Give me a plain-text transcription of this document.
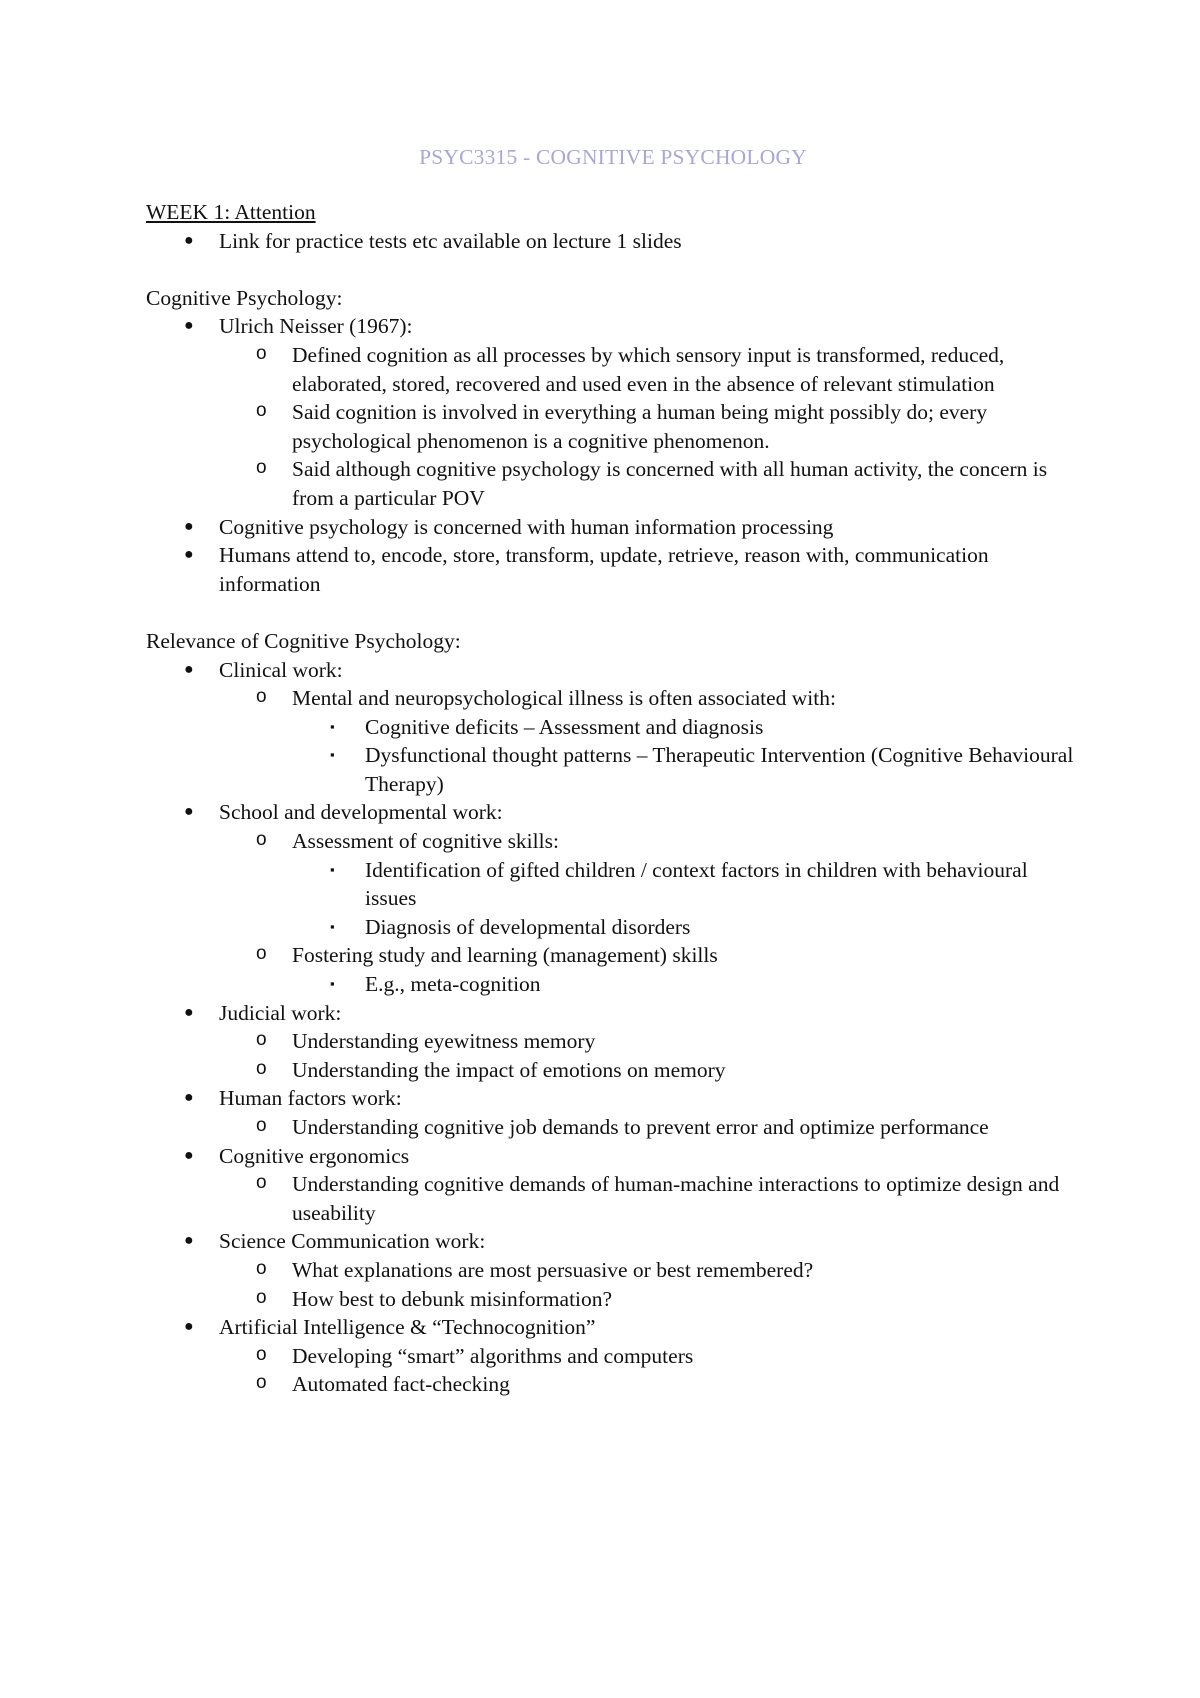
PSYC3315 - COGNITIVE PSYCHOLOGY
WEEK 1: Attention
● Link for practice tests etc available on lecture 1 slides
Cognitive Psychology:
● Ulrich Neisser (1967):
o Defined cognition as all processes by which sensory input is transformed, reduced, elaborated, stored, recovered and used even in the absence of relevant stimulation
o Said cognition is involved in everything a human being might possibly do; every psychological phenomenon is a cognitive phenomenon.
o Said although cognitive psychology is concerned with all human activity, the concern is from a particular POV
● Cognitive psychology is concerned with human information processing
● Humans attend to, encode, store, transform, update, retrieve, reason with, communication information
Relevance of Cognitive Psychology:
● Clinical work:
o Mental and neuropsychological illness is often associated with:
▪ Cognitive deficits – Assessment and diagnosis
▪ Dysfunctional thought patterns – Therapeutic Intervention (Cognitive Behavioural Therapy)
● School and developmental work:
o Assessment of cognitive skills:
▪ Identification of gifted children / context factors in children with behavioural issues
▪ Diagnosis of developmental disorders
o Fostering study and learning (management) skills
▪ E.g., meta-cognition
● Judicial work:
o Understanding eyewitness memory
o Understanding the impact of emotions on memory
● Human factors work:
o Understanding cognitive job demands to prevent error and optimize performance
● Cognitive ergonomics
o Understanding cognitive demands of human-machine interactions to optimize design and useability
● Science Communication work:
o What explanations are most persuasive or best remembered?
o How best to debunk misinformation?
● Artificial Intelligence & “Technocognition”
o Developing “smart” algorithms and computers
o Automated fact-checking
